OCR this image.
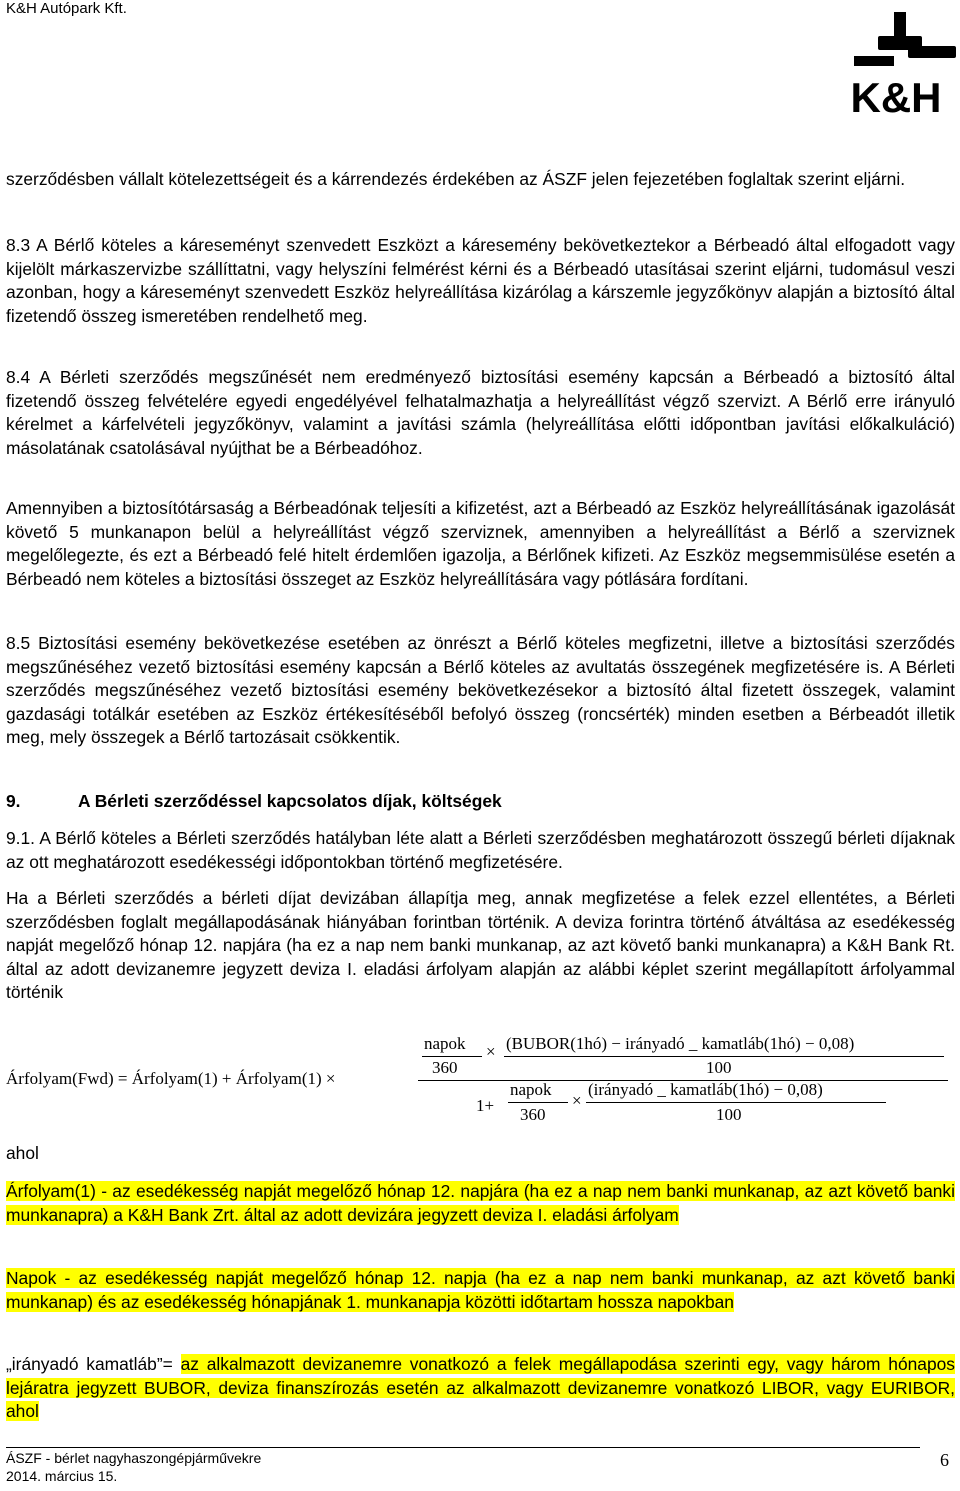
K&H Autópark Kft.
K&H

szerződésben vállalt kötelezettségeit és a kárrendezés érdekében az ÁSZF jelen fejezetében foglaltak szerint eljárni.

8.3 A Bérlő köteles a káreseményt szenvedett Eszközt a káresemény bekövetkeztekor a Bérbeadó által elfogadott vagy kijelölt márkaszervizbe szállíttatni, vagy helyszíni felmérést kérni és a Bérbeadó utasításai szerint eljárni, tudomásul veszi azonban, hogy a káreseményt szenvedett Eszköz helyreállítása kizárólag a kárszemle jegyzőkönyv alapján a biztosító által fizetendő összeg ismeretében rendelhető meg.

8.4 A Bérleti szerződés megszűnését nem eredményező biztosítási esemény kapcsán a Bérbeadó a biztosító által fizetendő összeg felvételére egyedi engedélyével felhatalmazhatja a helyreállítást végző szervizt. A Bérlő erre irányuló kérelmet a kárfelvételi jegyzőkönyv, valamint a javítási számla (helyreállítása előtti időpontban javítási előkalkuláció) másolatának csatolásával nyújthat be a Bérbeadóhoz.

Amennyiben a biztosítótársaság a Bérbeadónak teljesíti a kifizetést, azt a Bérbeadó az Eszköz helyreállításának igazolását követő 5 munkanapon belül a helyreállítást végző szerviznek, amennyiben a helyreállítást a Bérlő a szerviznek megelőlegezte, és ezt a Bérbeadó felé hitelt érdemlően igazolja, a Bérlőnek kifizeti. Az Eszköz megsemmisülése esetén a Bérbeadó nem köteles a biztosítási összeget az Eszköz helyreállítására vagy pótlására fordítani.

8.5 Biztosítási esemény bekövetkezése esetében az önrészt a Bérlő köteles megfizetni, illetve a biztosítási szerződés megszűnéséhez vezető biztosítási esemény kapcsán a Bérlő köteles az avultatás összegének megfizetésére is. A Bérleti szerződés megszűnéséhez vezető biztosítási esemény bekövetkezésekor a biztosító által fizetett összegek, valamint gazdasági totálkár esetében az Eszköz értékesítéséből befolyó összeg (roncsérték) minden esetben a Bérbeadót illetik meg, mely összegek a Bérlő tartozásait csökkentik.

9.	A Bérleti szerződéssel kapcsolatos díjak, költségek

9.1. A Bérlő köteles a Bérleti szerződés hatályban léte alatt a Bérleti szerződésben meghatározott összegű bérleti díjaknak az ott meghatározott esedékességi időpontokban történő megfizetésére.

Ha a Bérleti szerződés a bérleti díjat devizában állapítja meg, annak megfizetése a felek ezzel ellentétes, a Bérleti szerződésben foglalt megállapodásának hiányában forintban történik. A deviza forintra történő átváltása az esedékesség napját megelőző hónap 12. napjára (ha ez a nap nem banki munkanap, az azt követő banki munkanapra) a K&H Bank Rt. által az adott devizanemre jegyzett deviza I. eladási árfolyam alapján az alábbi képlet szerint megállapított árfolyammal történik

Árfolyam(Fwd) = Árfolyam(1) + Árfolyam(1) ×
napok
360
× (BUBOR(1hó) − irányadó _ kamatláb(1hó) − 0,08)
100
1+
napok
360
×
(irányadó _ kamatláb(1hó) − 0,08)
100
ahol

Árfolyam(1) - az esedékesség napját megelőző hónap 12. napjára (ha ez a nap nem banki munkanap, az azt követő banki munkanapra) a K&H Bank Zrt. által az adott devizára jegyzett deviza I. eladási árfolyam

Napok - az esedékesség napját megelőző hónap 12. napja (ha ez a nap nem banki munkanap, az azt követő banki munkanap) és az esedékesség hónapjának 1. munkanapja közötti időtartam hossza napokban

„irányadó kamatláb”= az alkalmazott devizanemre vonatkozó a felek megállapodása szerinti egy, vagy három hónapos lejáratra jegyzett BUBOR, deviza finanszírozás esetén az alkalmazott devizanemre vonatkozó LIBOR, vagy EURIBOR, ahol

ÁSZF - bérlet nagyhaszongépjárművekre
2014. március 15.
6
